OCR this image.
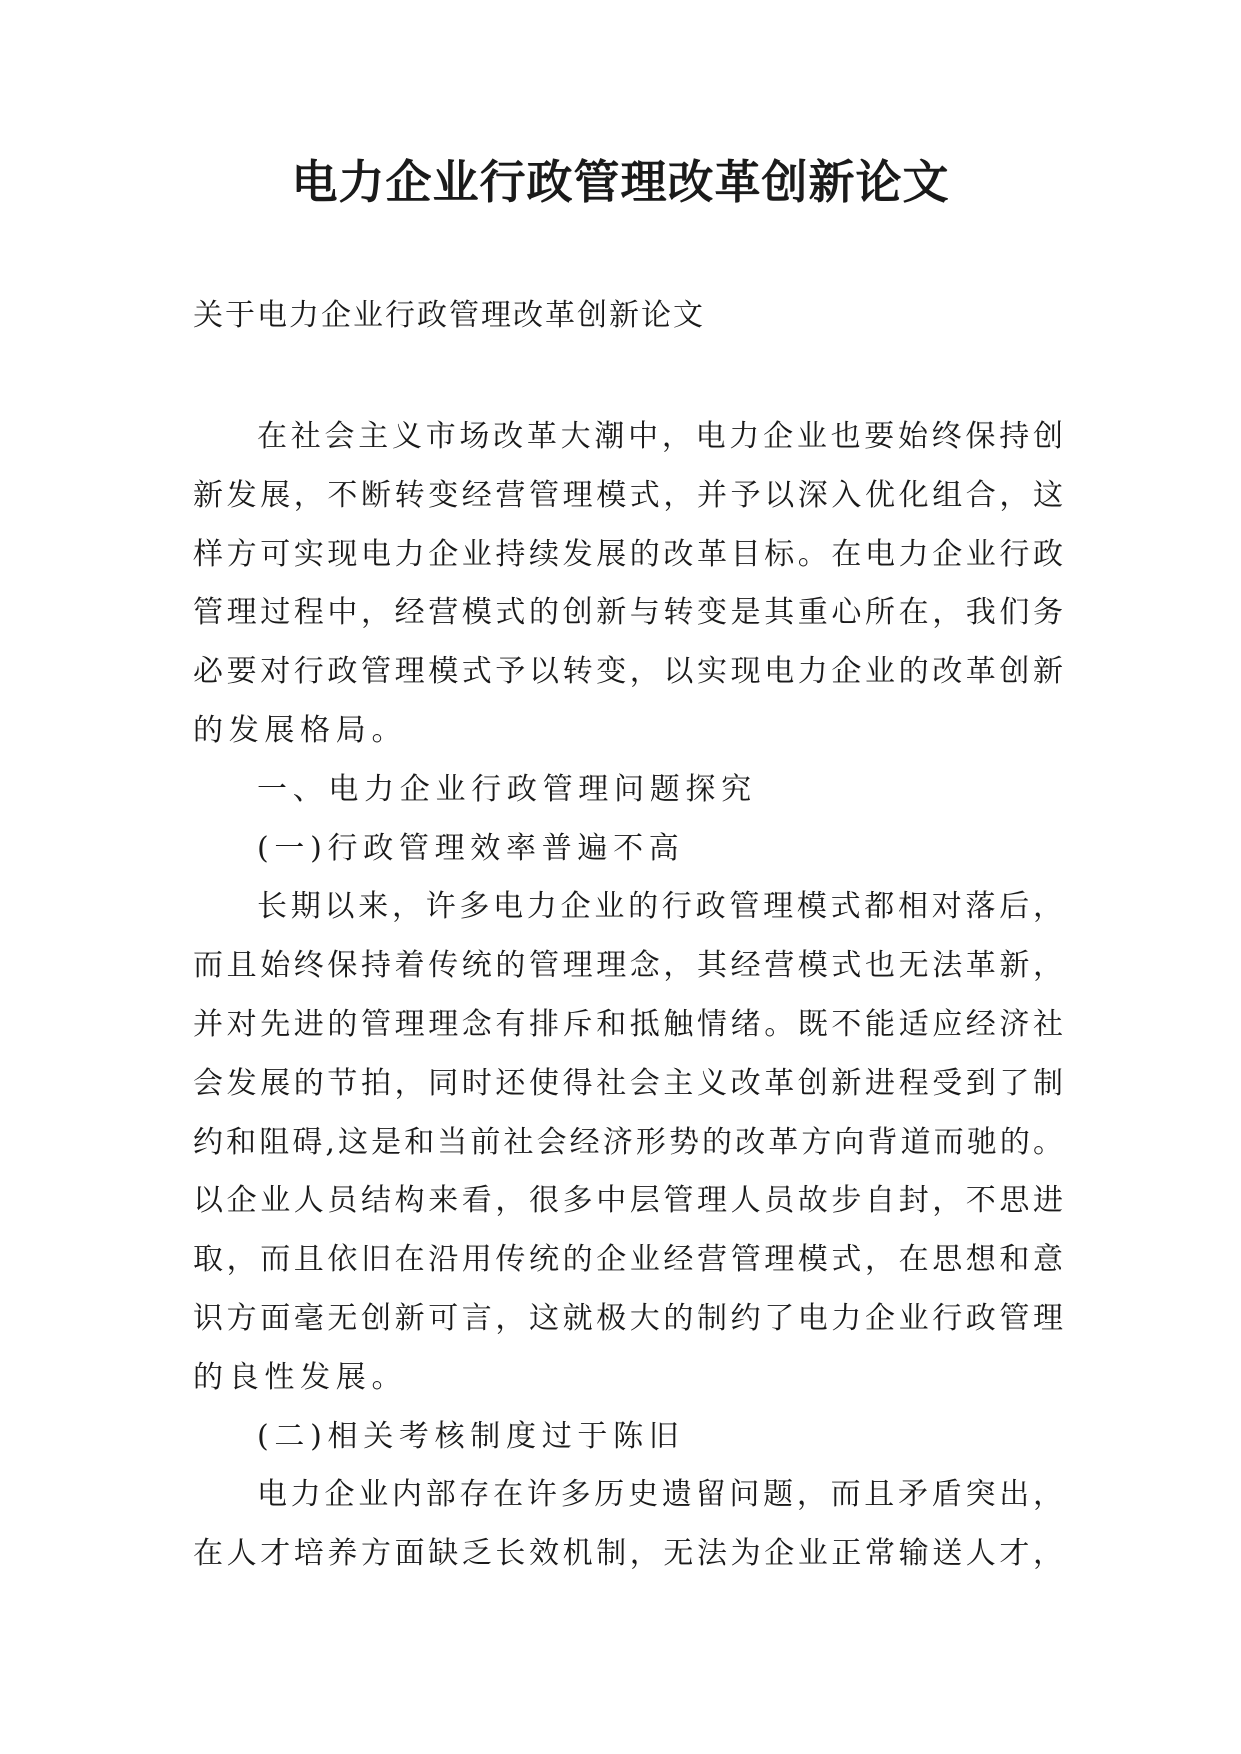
电力企业行政管理改革创新论文

关于电力企业行政管理改革创新论文

在社会主义市场改革大潮中，电力企业也要始终保持创
新发展，不断转变经营管理模式，并予以深入优化组合，这
样方可实现电力企业持续发展的改革目标。在电力企业行政
管理过程中，经营模式的创新与转变是其重心所在，我们务
必要对行政管理模式予以转变，以实现电力企业的改革创新
的发展格局。
一、电力企业行政管理问题探究
(一)行政管理效率普遍不高
长期以来，许多电力企业的行政管理模式都相对落后，
而且始终保持着传统的管理理念，其经营模式也无法革新，
并对先进的管理理念有排斥和抵触情绪。既不能适应经济社
会发展的节拍，同时还使得社会主义改革创新进程受到了制
约和阻碍,这是和当前社会经济形势的改革方向背道而驰的。
以企业人员结构来看，很多中层管理人员故步自封，不思进
取，而且依旧在沿用传统的企业经营管理模式，在思想和意
识方面毫无创新可言，这就极大的制约了电力企业行政管理
的良性发展。
(二)相关考核制度过于陈旧
电力企业内部存在许多历史遗留问题，而且矛盾突出，
在人才培养方面缺乏长效机制，无法为企业正常输送人才，
